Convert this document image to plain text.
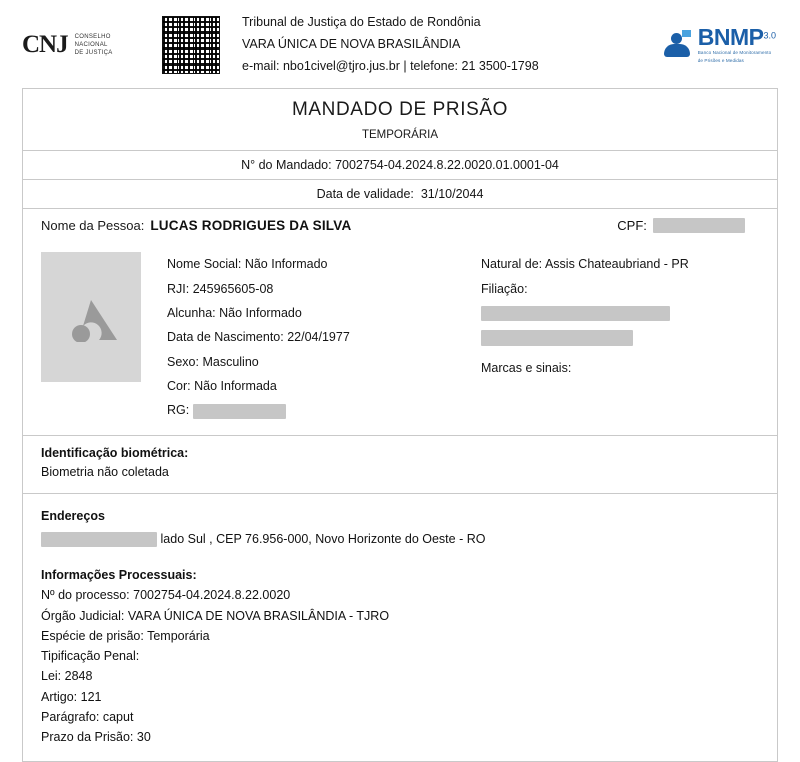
CNJ CONSELHO
NACIONAL
DE JUSTIÇA
Tribunal de Justiça do Estado de Rondônia
VARA ÚNICA DE NOVA BRASILÂNDIA
e-mail: nbo1civel@tjro.jus.br | telefone: 21 3500-1798
$BNMP^{3.0}$
Banco Nacional de Monitoramento
de Prisões e Medidas
MANDADO DE PRISÃO
TEMPORÁRIA
N° do Mandado: 7002754-04.2024.8.22.0020.01.0001-04
Data de validade: 31/10/2044
Nome da Pessoa: LUCAS RODRIGUES DA SILVA	CPF:
Nome Social: Não Informado
RJI: 245965605-08
Alcunha: Não Informado
Data de Nascimento: 22/04/1977
Sexo: Masculino
Cor: Não Informada
RG:
Natural de: Assis Chateaubriand - PR
Filiação:

Marcas e sinais:
Identificação biométrica:
Biometria não coletada
Endereços
lado Sul , CEP 76.956-000, Novo Horizonte do Oeste - RO
Informações Processuais:
Nº do processo: 7002754-04.2024.8.22.0020
Órgão Judicial: VARA ÚNICA DE NOVA BRASILÂNDIA - TJRO
Espécie de prisão: Temporária
Tipificação Penal:
Lei: 2848
Artigo: 121
Parágrafo: caput
Prazo da Prisão: 30
